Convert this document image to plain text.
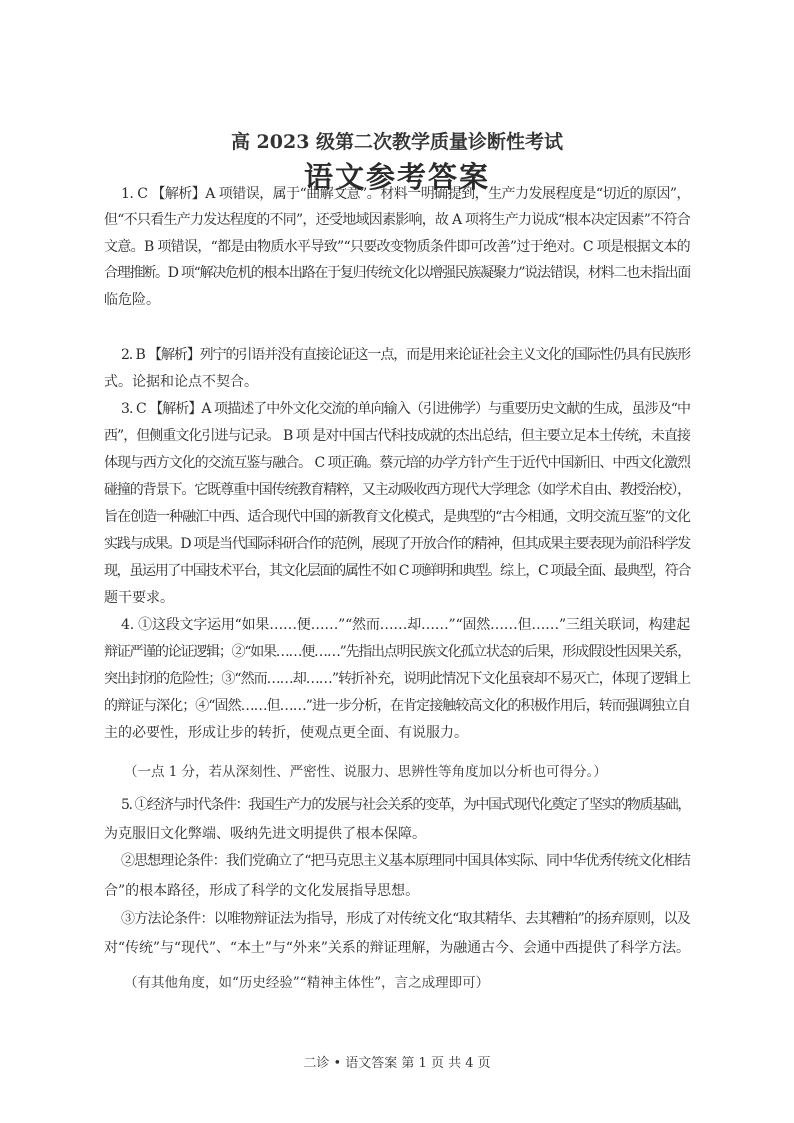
高 2023 级第二次教学质量诊断性考试
语文参考答案
1. C 【解析】A 项错误，属于“曲解文意”。材料一明确提到，生产力发展程度是“切近的原因”，
但“不只看生产力发达程度的不同”，还受地域因素影响，故 A 项将生产力说成“根本决定因素”不符合
文意。B 项错误，“都是由物质水平导致”“只要改变物质条件即可改善”过于绝对。C 项是根据文本的
合理推断。D 项“解决危机的根本出路在于复归传统文化以增强民族凝聚力”说法错误，材料二也未指出面
临危险。
2. B 【解析】列宁的引语并没有直接论证这一点，而是用来论证社会主义文化的国际性仍具有民族形
式。论据和论点不契合。
3. C 【解析】A 项描述了中外文化交流的单向输入（引进佛学）与重要历史文献的生成，虽涉及“中
西”，但侧重文化引进与记录。 B 项 是对中国古代科技成就的杰出总结，但主要立足本土传统，未直接
体现与西方文化的交流互鉴与融合。 C 项正确。蔡元培的办学方针产生于近代中国新旧、中西文化激烈
碰撞的背景下。它既尊重中国传统教育精粹，又主动吸收西方现代大学理念（如学术自由、教授治校），
旨在创造一种融汇中西、适合现代中国的新教育文化模式，是典型的“古今相通，文明交流互鉴”的文化
实践与成果。D 项是当代国际科研合作的范例，展现了开放合作的精神，但其成果主要表现为前沿科学发
现，虽运用了中国技术平台，其文化层面的属性不如 C 项鲜明和典型。综上，C 项最全面、最典型，符合
题干要求。
4. ①这段文字运用“如果……便……”“然而……却……”“固然……但……”三组关联词，构建起
辩证严谨的论证逻辑；②“如果……便……”先指出点明民族文化孤立状态的后果，形成假设性因果关系，
突出封闭的危险性；③“然而……却……”转折补充，说明此情况下文化虽衰却不易灭亡，体现了逻辑上
的辩证与深化；④“固然……但……”进一步分析，在肯定接触较高文化的积极作用后，转而强调独立自
主的必要性，形成让步的转折，使观点更全面、有说服力。
（一点 1 分，若从深刻性、严密性、说服力、思辨性等角度加以分析也可得分。）
5. ①经济与时代条件：我国生产力的发展与社会关系的变革，为中国式现代化奠定了坚实的物质基础，
为克服旧文化弊端、吸纳先进文明提供了根本保障。
②思想理论条件：我们党确立了“把马克思主义基本原理同中国具体实际、同中华优秀传统文化相结
合”的根本路径，形成了科学的文化发展指导思想。
③方法论条件：以唯物辩证法为指导，形成了对传统文化“取其精华、去其糟粕”的扬弃原则，以及
对“传统”与“现代”、“本土”与“外来”关系的辩证理解，为融通古今、会通中西提供了科学方法。
（有其他角度，如“历史经验”“精神主体性”，言之成理即可）
二诊 • 语文答案 第 1 页 共 4 页
